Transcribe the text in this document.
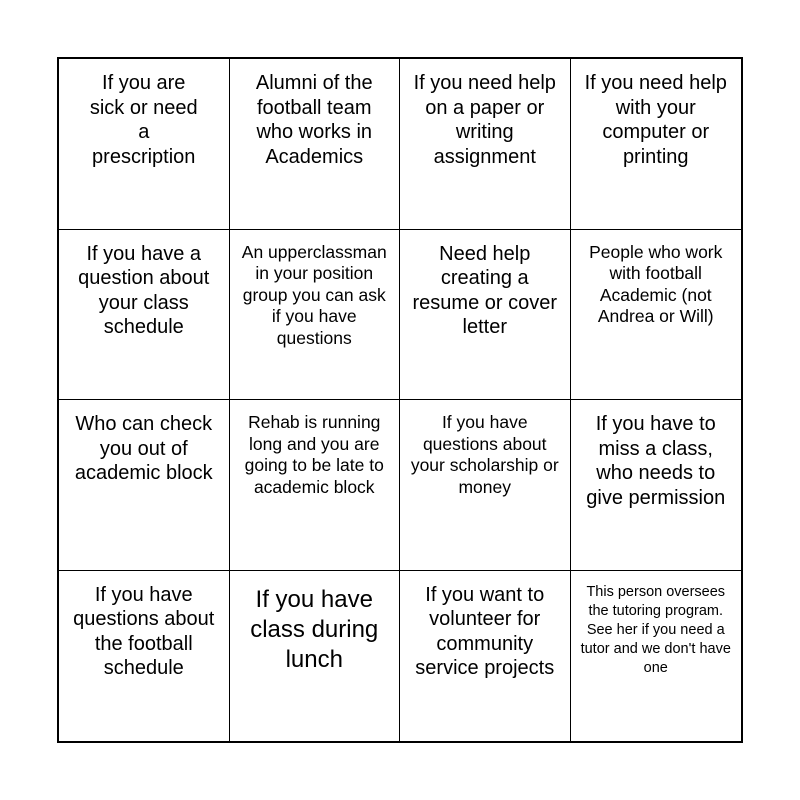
If you are sick or need a prescription
Alumni of the football team who works in Academics
If you need help on a paper or writing assignment
If you need help with your computer or printing
If you have a question about your class schedule
An upperclassman in your position group you can ask if you have questions
Need help creating a resume or cover letter
People who work with football Academic (not Andrea or Will)
Who can check you out of academic block
Rehab is running long and you are going to be late to academic block
If you have questions about your scholarship or money
If you have to miss a class, who needs to give permission
If you have questions about the football schedule
If you have class during lunch
If you want to volunteer for community service projects
This person oversees the tutoring program. See her if you need a tutor and we don't have one
